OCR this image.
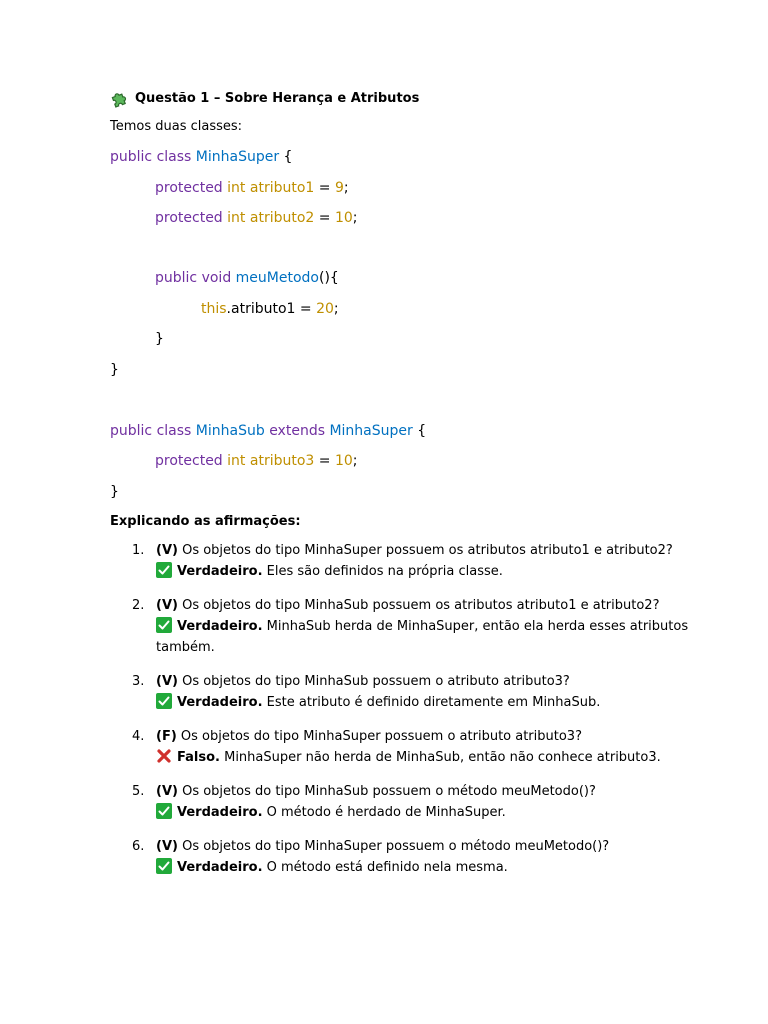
Questão 1 – Sobre Herança e Atributos
Temos duas classes:
public class MinhaSuper {
protected int atributo1 = 9;
protected int atributo2 = 10;
public void meuMetodo(){
this.atributo1 = 20;
}
}
public class MinhaSub extends MinhaSuper {
protected int atributo3 = 10;
}
Explicando as afirmações:
1. (V) Os objetos do tipo MinhaSuper possuem os atributos atributo1 e atributo2?
Verdadeiro. Eles são definidos na própria classe.
2. (V) Os objetos do tipo MinhaSub possuem os atributos atributo1 e atributo2?
Verdadeiro. MinhaSub herda de MinhaSuper, então ela herda esses atributos também.
3. (V) Os objetos do tipo MinhaSub possuem o atributo atributo3?
Verdadeiro. Este atributo é definido diretamente em MinhaSub.
4. (F) Os objetos do tipo MinhaSuper possuem o atributo atributo3?
Falso. MinhaSuper não herda de MinhaSub, então não conhece atributo3.
5. (V) Os objetos do tipo MinhaSub possuem o método meuMetodo()?
Verdadeiro. O método é herdado de MinhaSuper.
6. (V) Os objetos do tipo MinhaSuper possuem o método meuMetodo()?
Verdadeiro. O método está definido nela mesma.
